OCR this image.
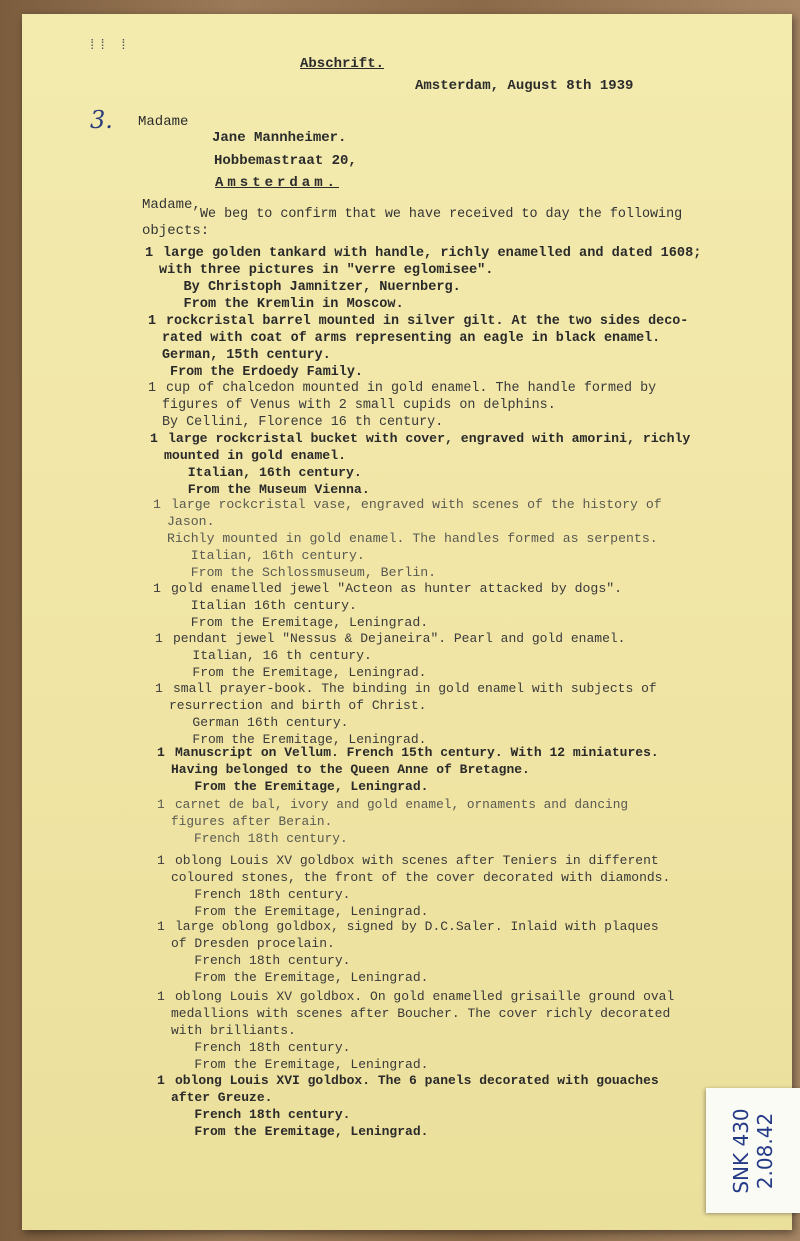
⁞⁞ ⁞
Abschrift.
Amsterdam, August 8th 1939
3. Madame
Jane Mannheimer.
Hobbemastraat 20,
Amsterdam.
Madame,
We beg to confirm that we have received to day the following
objects:
1 large golden tankard with handle, richly enamelled and dated 1608;
with three pictures in "verre eglomisee".
By Christoph Jamnitzer, Nuernberg.
From the Kremlin in Moscow.
1 rockcristal barrel mounted in silver gilt. At the two sides deco-
rated with coat of arms representing an eagle in black enamel.
German, 15th century.
From the Erdoedy Family.
1 cup of chalcedon mounted in gold enamel. The handle formed by
figures of Venus with 2 small cupids on delphins.
By Cellini, Florence 16 th century.
1 large rockcristal bucket with cover, engraved with amorini, richly
mounted in gold enamel.
Italian, 16th century.
From the Museum Vienna.
1 large rockcristal vase, engraved with scenes of the history of
Jason.
Richly mounted in gold enamel. The handles formed as serpents.
Italian, 16th century.
From the Schlossmuseum, Berlin.
1 gold enamelled jewel "Acteon as hunter attacked by dogs".
Italian 16th century.
From the Eremitage, Leningrad.
1 pendant jewel "Nessus & Dejaneira". Pearl and gold enamel.
Italian, 16 th century.
From the Eremitage, Leningrad.
1 small prayer-book. The binding in gold enamel with subjects of
resurrection and birth of Christ.
German 16th century.
From the Eremitage, Leningrad.
1 Manuscript on Vellum. French 15th century. With 12 miniatures.
Having belonged to the Queen Anne of Bretagne.
From the Eremitage, Leningrad.
1 carnet de bal, ivory and gold enamel, ornaments and dancing
figures after Berain.
French 18th century.
1 oblong Louis XV goldbox with scenes after Teniers in different
coloured stones, the front of the cover decorated with diamonds.
French 18th century.
From the Eremitage, Leningrad.
1 large oblong goldbox, signed by D.C.Saler. Inlaid with plaques
of Dresden procelain.
French 18th century.
From the Eremitage, Leningrad.
1 oblong Louis XV goldbox. On gold enamelled grisaille ground oval
medallions with scenes after Boucher. The cover richly decorated
with brilliants.
French 18th century.
From the Eremitage, Leningrad.
1 oblong Louis XVI goldbox. The 6 panels decorated with gouaches
after Greuze.
French 18th century.
From the Eremitage, Leningrad.	SNK 430 2.08.42
